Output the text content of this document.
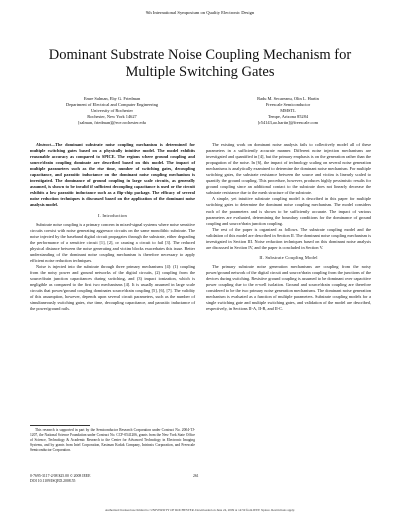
9th International Symposium on Quality Electronic Design
Dominant Substrate Noise Coupling Mechanism for Multiple Switching Gates
Emre Salman, Eby G. Friedman
Department of Electrical and Computer Engineering
University of Rochester
Rochester, New York 14627
[salman, friedman]@ece.rochester.edu
Radu M. Secareanu, Olin L. Hartin
Freescale Semiconductor
MMSTL
Tempe, Arizona 85284
[r54143,ao.hartin]@freescale.com

Abstract—The dominant substrate noise coupling mechanism is determined for multiple switching gates based on a physically intuitive model. The model exhibits reasonable accuracy as compared to SPICE. The regions where ground coupling and source/drain coupling dominate are described based on this model. The impact of multiple parameters such as the rise time, number of switching gates, decoupling capacitance, and parasitic inductance on the dominant noise coupling mechanism is investigated. The dominance of ground coupling in large scale circuits, as generally assumed, is shown to be invalid if sufficient decoupling capacitance is used or the circuit exhibits a low parasitic inductance such as a flip-chip package. The efficacy of several noise reduction techniques is discussed based on the application of the dominant noise analysis model.

I. Introduction

Substrate noise coupling is a primary concern in mixed-signal systems where noise sensitive circuits coexist with noise generating aggressor circuits on the same monolithic substrate. The noise injected by the baseband digital circuit propagates through the substrate, either degrading the performance of a sensitive circuit [1], [2], or causing a circuit to fail [3]. The reduced physical distance between the noise generating and victim blocks exacerbates this issue. Better understanding of the dominant noise coupling mechanism is therefore necessary to apply efficient noise reduction techniques.

Noise is injected into the substrate through three primary mechanisms [4]: (1) coupling from the noisy power and ground networks of the digital circuits, (2) coupling from the source/drain junction capacitances during switching, and (3) impact ionization, which is negligible as compared to the first two mechanisms [4]. It is usually assumed in large scale circuits that power/ground coupling dominates source/drain coupling [5], [6], [7]. The validity of this assumption, however, depends upon several circuit parameters, such as the number of simultaneously switching gates, rise time, decoupling capacitance, and parasitic inductance of the power/ground rails.

This research is supported in part by the Semiconductor Research Corporation under Contract No. 2004-TJ-1207, the National Science Foundation under Contract No. CCF-0541206, grants from the New York State Office of Science, Technology & Academic Research to the Center for Advanced Technology in Electronic Imaging Systems, and by grants from Intel Corporation, Eastman Kodak Company, Intrinsix Corporation, and Freescale Semiconductor Corporation.

0-7695-3117-2/08 $25.00 © 2008 IEEE
DOI 10.1109/ISQED.2008.55
261

The existing work on dominant noise analysis fails to collectively model all of these parameters in a sufficiently accurate manner. Different noise injection mechanisms are investigated and quantified in [4], but the primary emphasis is on the generation rather than the propagation of the noise. In [6], the impact of technology scaling on several noise generation mechanisms is analytically examined to determine the dominant noise mechanism. For multiple switching gates, the substrate resistance between the source and victim is linearly scaled to quantify the ground coupling. This procedure, however, produces highly pessimistic results for ground coupling since an additional contact to the substrate does not linearly decrease the substrate resistance due to the mesh structure of the substrate.

A simple, yet intuitive substrate coupling model is described in this paper for multiple switching gates to determine the dominant noise coupling mechanism. The model considers each of the parameters and is shown to be sufficiently accurate. The impact of various parameters are evaluated, determining the boundary conditions for the dominance of ground coupling and source/drain junction coupling.

The rest of the paper is organized as follows. The substrate coupling model and the validation of this model are described in Section II. The dominant noise coupling mechanism is investigated in Section III. Noise reduction techniques based on this dominant noise analysis are discussed in Section IV, and the paper is concluded in Section V.

II. Substrate Coupling Model

The primary substrate noise generation mechanisms are coupling from the noisy power/ground network of the digital circuit and source/drain coupling from the junctions of the devices during switching. Resistive ground coupling is assumed to be dominant over capacitive power coupling due to the n-well isolation. Ground and source/drain coupling are therefore considered to be the two primary noise generation mechanisms. The dominant noise generation mechanism is evaluated as a function of multiple parameters. Substrate coupling models for a single switching gate and multiple switching gates, and validation of the model are described, respectively, in Sections II-A, II-B, and II-C.

Authorized licensed use limited to: UNIVERSITY OF ROCHESTER. Downloaded on June 24, 2009 at 14:59 from IEEE Xplore. Restrictions apply.
